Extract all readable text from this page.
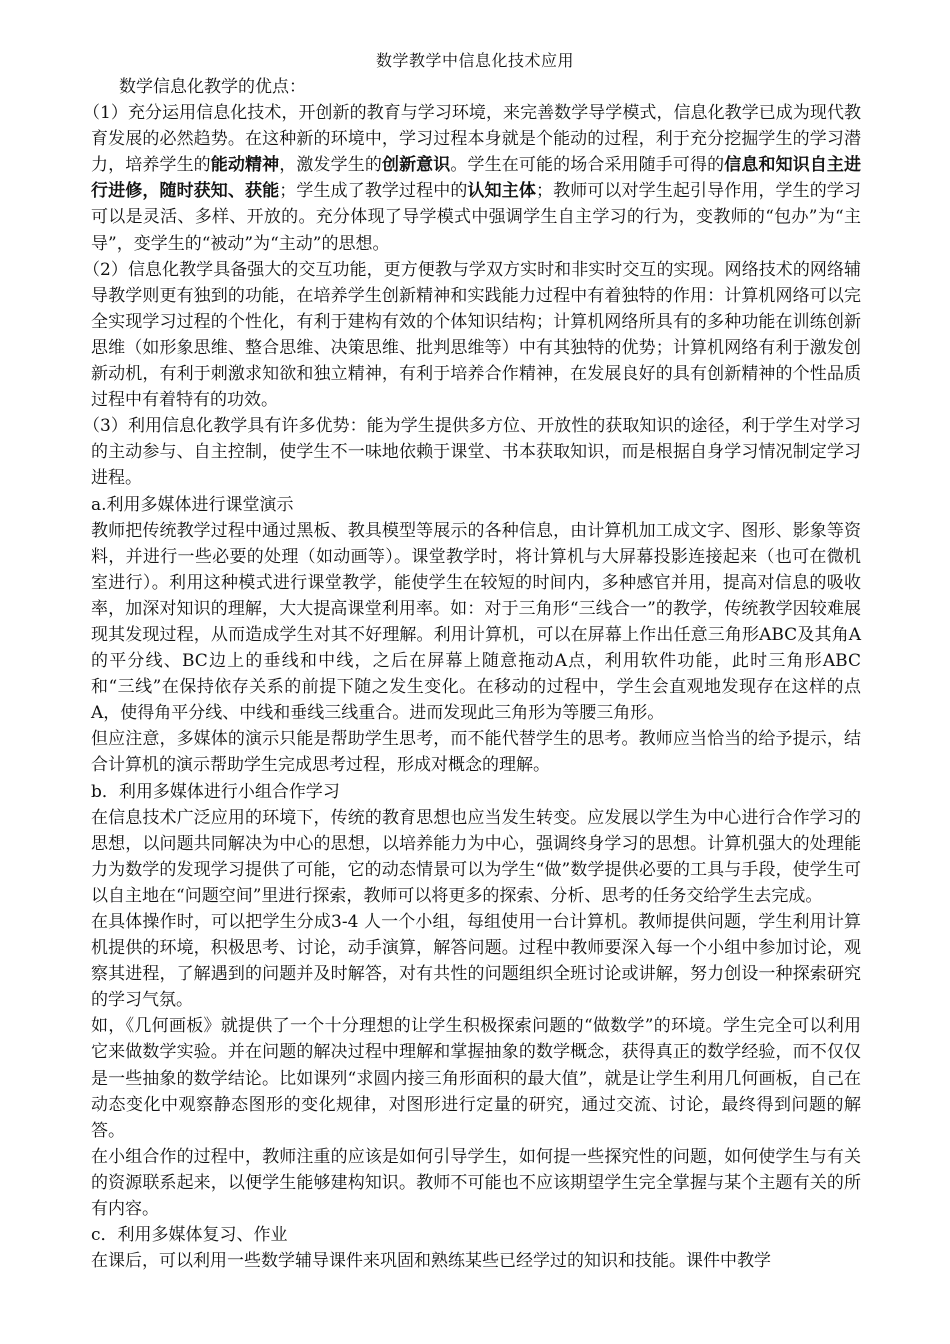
数学教学中信息化技术应用

数学信息化教学的优点：

（1）充分运用信息化技术，开创新的教育与学习环境，来完善数学导学模式，信息化教学已成为现代教育发展的必然趋势。在这种新的环境中，学习过程本身就是个能动的过程，利于充分挖掘学生的学习潜力，培养学生的能动精神，激发学生的创新意识。学生在可能的场合采用随手可得的信息和知识自主进行进修，随时获知、获能；学生成了教学过程中的认知主体；教师可以对学生起引导作用，学生的学习可以是灵活、多样、开放的。充分体现了导学模式中强调学生自主学习的行为，变教师的“包办”为“主导”，变学生的“被动”为“主动”的思想。

（2）信息化教学具备强大的交互功能，更方便教与学双方实时和非实时交互的实现。网络技术的网络辅导教学则更有独到的功能，在培养学生创新精神和实践能力过程中有着独特的作用：计算机网络可以完全实现学习过程的个性化，有利于建构有效的个体知识结构；计算机网络所具有的多种功能在训练创新思维（如形象思维、整合思维、决策思维、批判思维等）中有其独特的优势；计算机网络有利于激发创新动机，有利于刺激求知欲和独立精神，有利于培养合作精神，在发展良好的具有创新精神的个性品质过程中有着特有的功效。

（3）利用信息化教学具有许多优势：能为学生提供多方位、开放性的获取知识的途径，利于学生对学习的主动参与、自主控制，使学生不一味地依赖于课堂、书本获取知识，而是根据自身学习情况制定学习进程。

a.利用多媒体进行课堂演示

教师把传统教学过程中通过黑板、教具模型等展示的各种信息，由计算机加工成文字、图形、影象等资料，并进行一些必要的处理（如动画等）。课堂教学时，将计算机与大屏幕投影连接起来（也可在微机室进行）。利用这种模式进行课堂教学，能使学生在较短的时间内，多种感官并用，提高对信息的吸收率，加深对知识的理解，大大提高课堂利用率。如：对于三角形“三线合一”的教学，传统教学因较难展现其发现过程，从而造成学生对其不好理解。利用计算机，可以在屏幕上作出任意三角形ABC及其角A的平分线、BC边上的垂线和中线，之后在屏幕上随意拖动A点，利用软件功能，此时三角形ABC　　和“三线”在保持依存关系的前提下随之发生变化。在移动的过程中，学生会直观地发现存在这样的点A，使得角平分线、中线和垂线三线重合。进而发现此三角形为等腰三角形。

但应注意，多媒体的演示只能是帮助学生思考，而不能代替学生的思考。教师应当恰当的给予提示，结合计算机的演示帮助学生完成思考过程，形成对概念的理解。

b．利用多媒体进行小组合作学习

在信息技术广泛应用的环境下，传统的教育思想也应当发生转变。应发展以学生为中心进行合作学习的思想，以问题共同解决为中心的思想，以培养能力为中心，强调终身学习的思想。计算机强大的处理能力为数学的发现学习提供了可能，它的动态情景可以为学生“做”数学提供必要的工具与手段，使学生可以自主地在“问题空间”里进行探索，教师可以将更多的探索、分析、思考的任务交给学生去完成。

在具体操作时，可以把学生分成3-4 人一个小组，每组使用一台计算机。教师提供问题，学生利用计算机提供的环境，积极思考、讨论，动手演算，解答问题。过程中教师要深入每一个小组中参加讨论，观察其进程，了解遇到的问题并及时解答，对有共性的问题组织全班讨论或讲解，努力创设一种探索研究的学习气氛。

如，《几何画板》就提供了一个十分理想的让学生积极探索问题的“做数学”的环境。学生完全可以利用它来做数学实验。并在问题的解决过程中理解和掌握抽象的数学概念，获得真正的数学经验，而不仅仅是一些抽象的数学结论。比如课列“求圆内接三角形面积的最大值”，就是让学生利用几何画板，自己在动态变化中观察静态图形的变化规律，对图形进行定量的研究，通过交流、讨论，最终得到问题的解答。

在小组合作的过程中，教师注重的应该是如何引导学生，如何提一些探究性的问题，如何使学生与有关的资源联系起来，以便学生能够建构知识。教师不可能也不应该期望学生完全掌握与某个主题有关的所有内容。

c．利用多媒体复习、作业

在课后，可以利用一些数学辅导课件来巩固和熟练某些已经学过的知识和技能。课件中教学
